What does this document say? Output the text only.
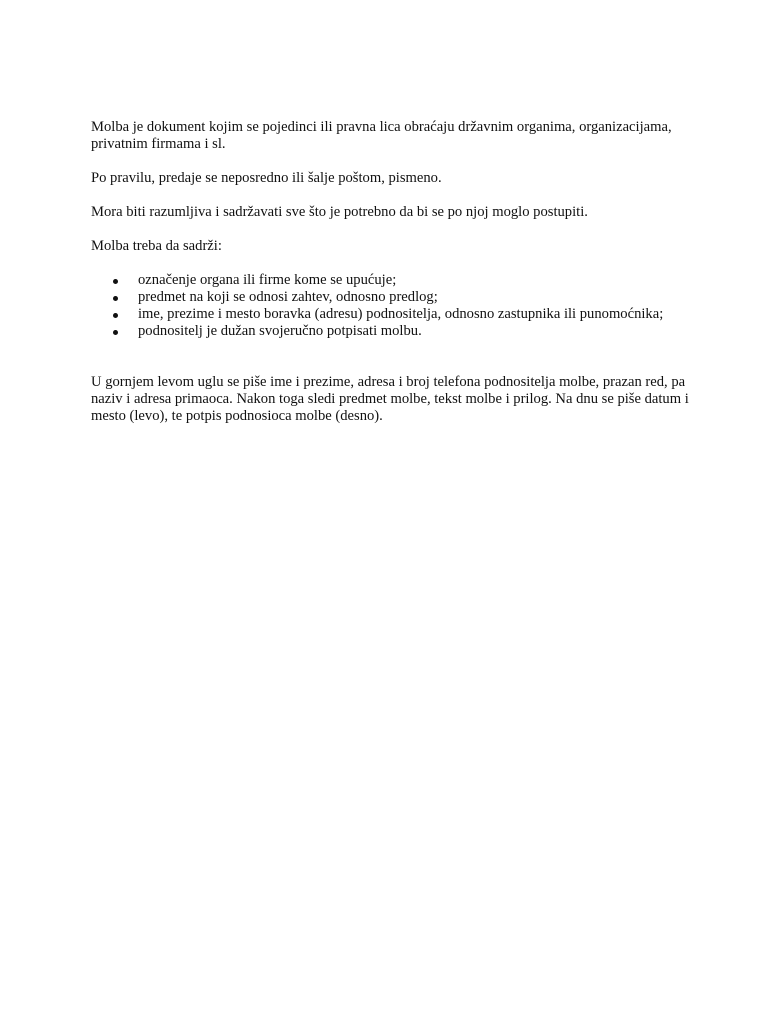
Molba je dokument kojim se pojedinci ili pravna lica obraćaju državnim organima, organizacijama, privatnim firmama i sl.

Po pravilu, predaje se neposredno ili šalje poštom, pismeno.

Mora biti razumljiva i sadržavati sve što je potrebno da bi se po njoj moglo postupiti.

Molba treba da sadrži:

označenje organa ili firme kome se upućuje;
predmet na koji se odnosi zahtev, odnosno predlog;
ime, prezime i mesto boravka (adresu) podnositelja, odnosno zastupnika ili punomoćnika;
podnositelj je dužan svojeručno potpisati molbu.

U gornjem levom uglu se piše ime i prezime, adresa i broj telefona podnositelja molbe, prazan red, pa naziv i adresa primaoca. Nakon toga sledi predmet molbe, tekst molbe i prilog. Na dnu se piše datum i mesto (levo), te potpis podnosioca molbe (desno).
